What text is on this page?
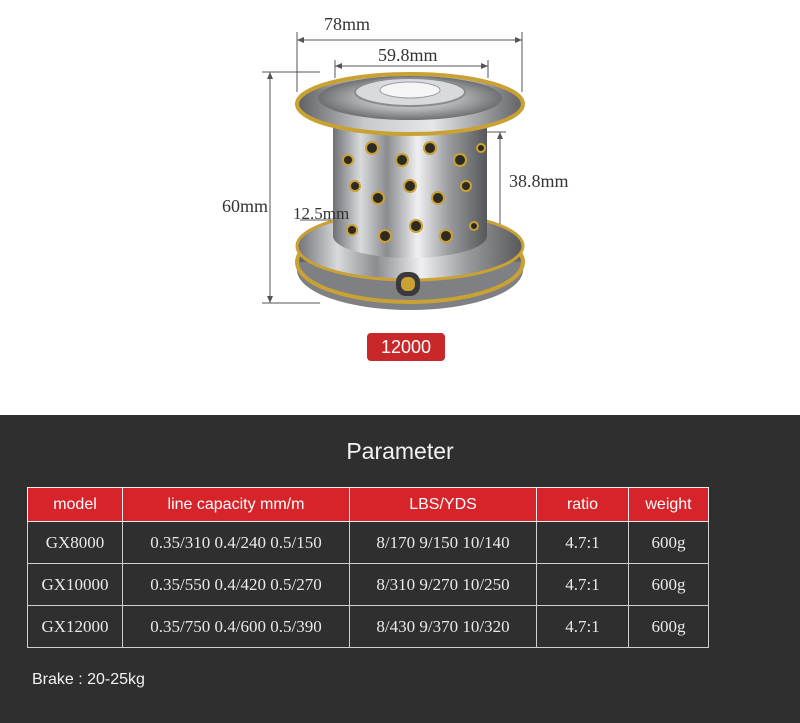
78mm
59.8mm
60mm
38.8mm
12.5mm
12000
Parameter
model	line capacity mm/m	LBS/YDS	ratio	weight
GX8000	0.35/310 0.4/240 0.5/150	8/170 9/150 10/140	4.7:1	600g
GX10000	0.35/550 0.4/420 0.5/270	8/310 9/270 10/250	4.7:1	600g
GX12000	0.35/750 0.4/600 0.5/390	8/430 9/370 10/320	4.7:1	600g
Brake : 20-25kg
